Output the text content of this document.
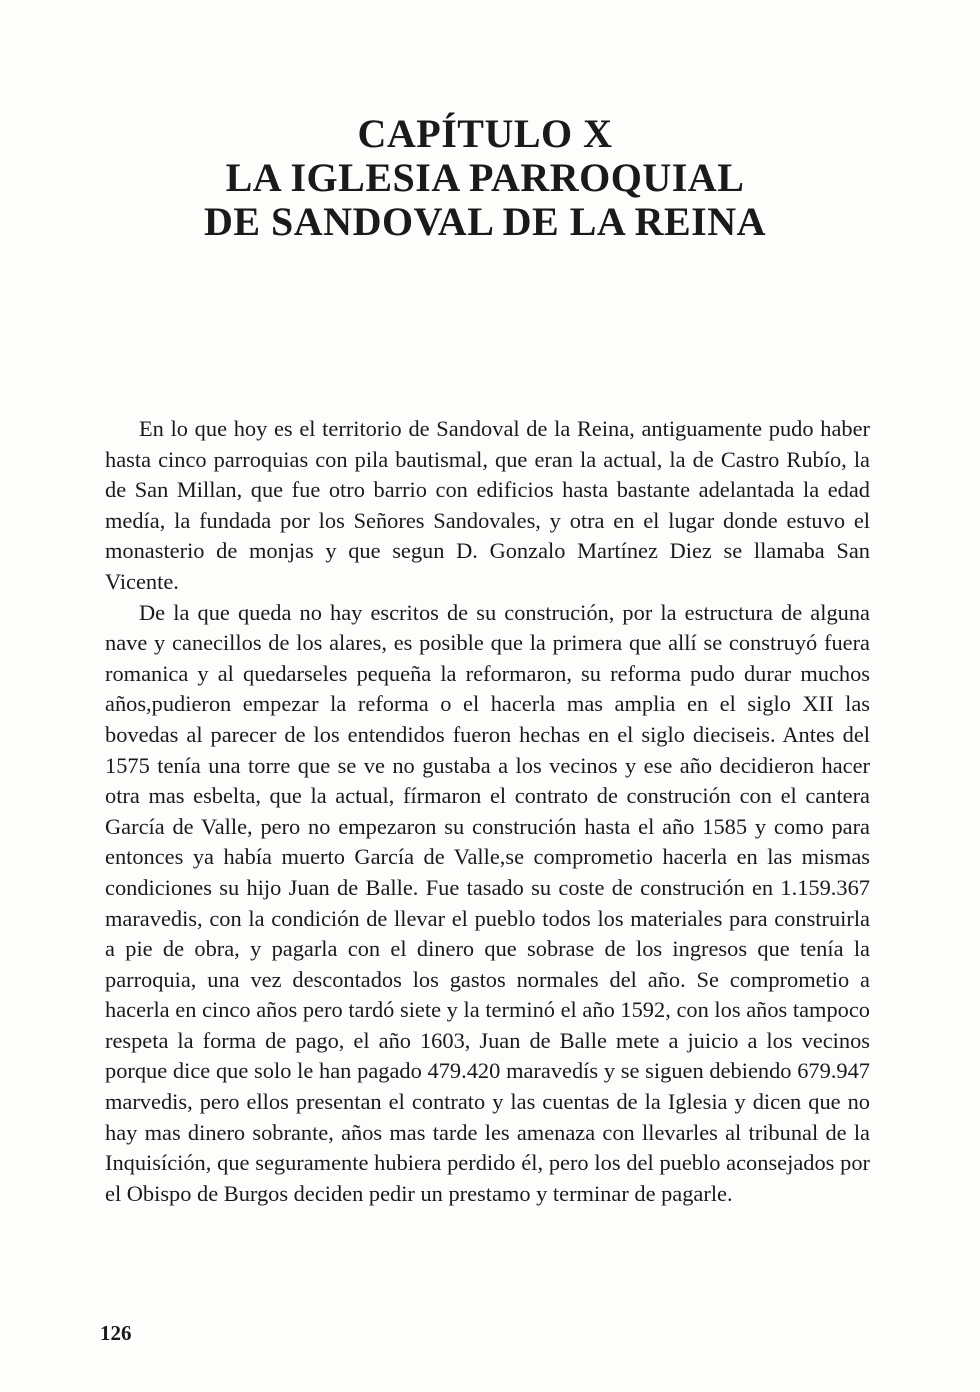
CAPÍTULO X
LA IGLESIA PARROQUIAL
DE SANDOVAL DE LA REINA

En lo que hoy es el territorio de Sandoval de la Reina, antiguamente pudo haber hasta cinco parroquias con pila bautismal, que eran la actual, la de Castro Rubío, la de San Millan, que fue otro barrio con edificios hasta bastante adelantada la edad medía, la fundada por los Señores Sandovales, y otra en el lugar donde estuvo el monasterio de monjas y que segun D. Gonzalo Martínez Diez se llamaba San Vicente.

De la que queda no hay escritos de su construción, por la estructura de alguna nave y canecillos de los alares, es posible que la primera que allí se construyó fuera romanica y al quedarseles pequeña la reformaron, su reforma pudo durar muchos años,pudieron empezar la reforma o el hacerla mas amplia en el siglo XII las bovedas al parecer de los entendidos fueron hechas en el siglo dieciseis. Antes del 1575 tenía una torre que se ve no gustaba a los vecinos y ese año decidieron hacer otra mas esbelta, que la actual, fírmaron el contrato de construción con el cantera García de Valle, pero no empezaron su construción hasta el año 1585 y como para entonces ya había muerto García de Valle,se comprometio hacerla en las mismas condiciones su hijo Juan de Balle. Fue tasado su coste de construción en 1.159.367 maravedis, con la condición de llevar el pueblo todos los materiales para construirla a pie de obra, y pagarla con el dinero que sobrase de los ingresos que tenía la parroquia, una vez descontados los gastos normales del año. Se comprometio a hacerla en cinco años pero tardó siete y la terminó el año 1592, con los años tampoco respeta la forma de pago, el año 1603, Juan de Balle mete a juicio a los vecinos porque dice que solo le han pagado 479.420 maravedís y se siguen debiendo 679.947 marvedis, pero ellos presentan el contrato y las cuentas de la Iglesia y dicen que no hay mas dinero sobrante, años mas tarde les amenaza con llevarles al tribunal de la Inquisíción, que seguramente hubiera perdido él, pero los del pueblo aconsejados por el Obispo de Burgos deciden pedir un prestamo y terminar de pagarle.

126
